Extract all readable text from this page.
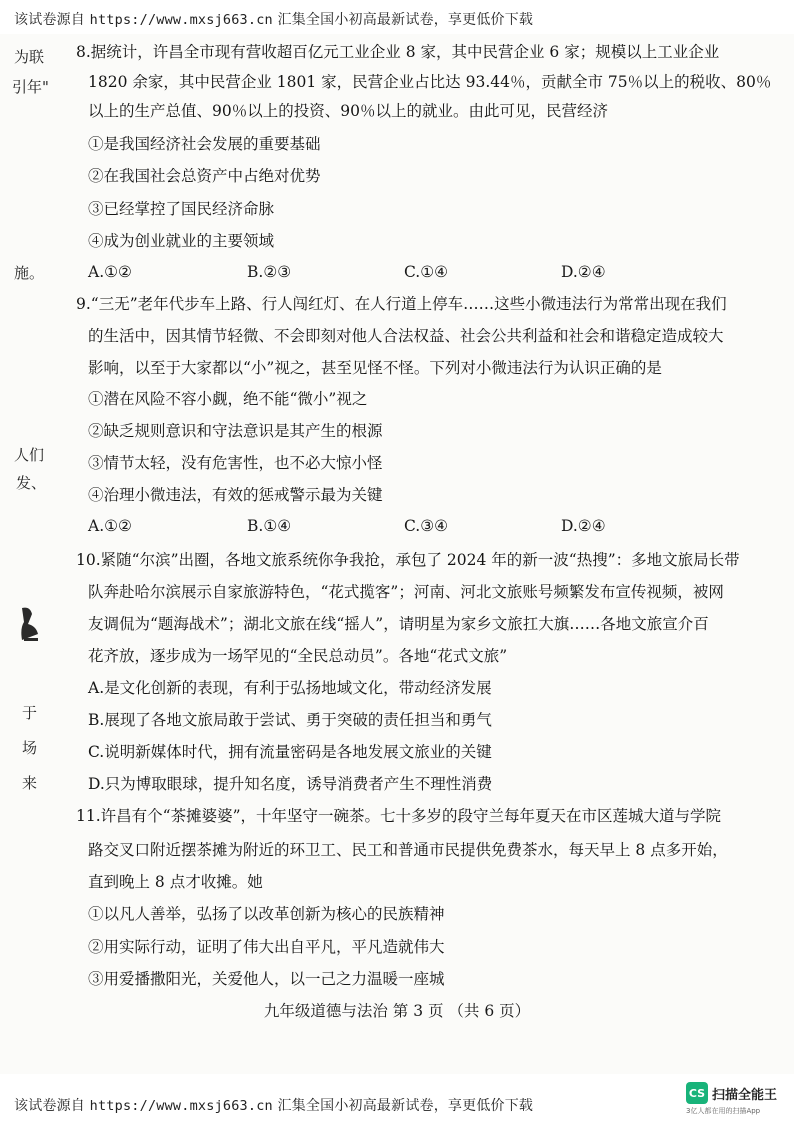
该试卷源自 https://www.mxsj663.cn 汇集全国小初高最新试卷，享更低价下载
为联
引年"
施。
人们
发、
于
场
来
8.据统计，许昌全市现有营收超百亿元工业企业 8 家，其中民营企业 6 家；规模以上工业企业
1820 余家，其中民营企业 1801 家，民营企业占比达 93.44％，贡献全市 75％以上的税收、80％
以上的生产总值、90％以上的投资、90％以上的就业。由此可见，民营经济
①是我国经济社会发展的重要基础
②在我国社会总资产中占绝对优势
③已经掌控了国民经济命脉
④成为创业就业的主要领域
A.①②	B.②③	C.①④	D.②④
9.“三无”老年代步车上路、行人闯红灯、在人行道上停车……这些小微违法行为常常出现在我们
的生活中，因其情节轻微、不会即刻对他人合法权益、社会公共利益和社会和谐稳定造成较大
影响，以至于大家都以“小”视之，甚至见怪不怪。下列对小微违法行为认识正确的是
①潜在风险不容小觑，绝不能“微小”视之
②缺乏规则意识和守法意识是其产生的根源
③情节太轻，没有危害性，也不必大惊小怪
④治理小微违法，有效的惩戒警示最为关键
A.①②	B.①④	C.③④	D.②④
10.紧随“尔滨”出圈，各地文旅系统你争我抢，承包了 2024 年的新一波“热搜”：多地文旅局长带
队奔赴哈尔滨展示自家旅游特色，“花式揽客”；河南、河北文旅账号频繁发布宣传视频，被网
友调侃为“题海战术”；湖北文旅在线“摇人”，请明星为家乡文旅扛大旗……各地文旅宣介百
花齐放，逐步成为一场罕见的“全民总动员”。各地“花式文旅”
A.是文化创新的表现，有利于弘扬地域文化，带动经济发展
B.展现了各地文旅局敢于尝试、勇于突破的责任担当和勇气
C.说明新媒体时代，拥有流量密码是各地发展文旅业的关键
D.只为博取眼球，提升知名度，诱导消费者产生不理性消费
11.许昌有个“茶摊婆婆”，十年坚守一碗茶。七十多岁的段守兰每年夏天在市区莲城大道与学院
路交叉口附近摆茶摊为附近的环卫工、民工和普通市民提供免费茶水，每天早上 8 点多开始，
直到晚上 8 点才收摊。她
①以凡人善举，弘扬了以改革创新为核心的民族精神
②用实际行动，证明了伟大出自平凡，平凡造就伟大
③用爱播撒阳光，关爱他人，以一己之力温暖一座城
九年级道德与法治 第 3 页 （共 6 页）
该试卷源自 https://www.mxsj663.cn 汇集全国小初高最新试卷，享更低价下载
CS 扫描全能王
3亿人都在用的扫描App
